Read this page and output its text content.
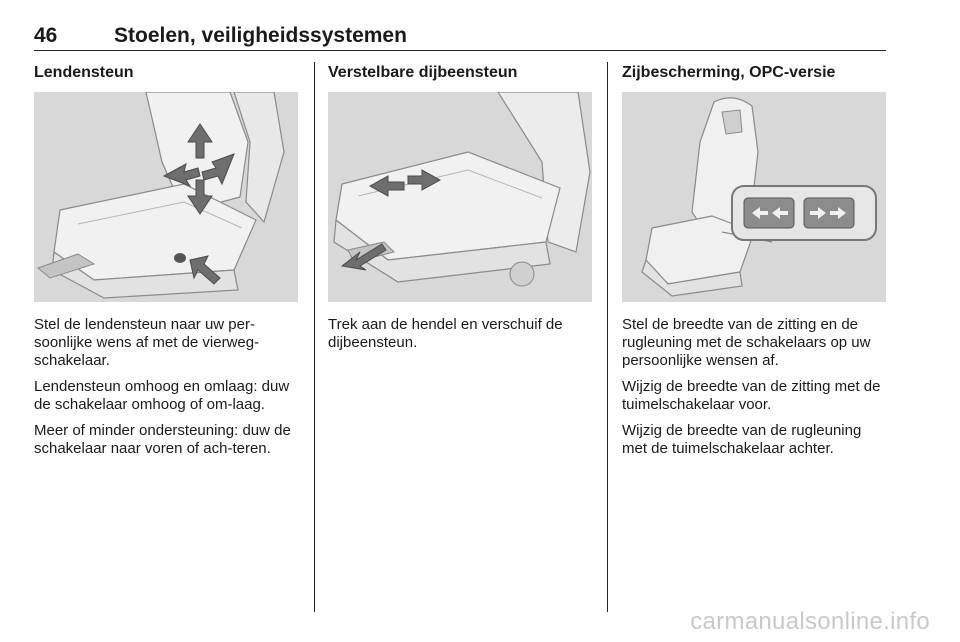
46	Stoelen, veiligheidssystemen
Lendensteun

Stel de lendensteun naar uw per-soonlijke wens af met de vierweg-schakelaar.

Lendensteun omhoog en omlaag: duw de schakelaar omhoog of om-laag.

Meer of minder ondersteuning: duw de schakelaar naar voren of ach-teren.

Verstelbare dijbeensteun

Trek aan de hendel en verschuif de dijbeensteun.

Zijbescherming, OPC-versie

Stel de breedte van de zitting en de rugleuning met de schakelaars op uw persoonlijke wensen af.

Wijzig de breedte van de zitting met de tuimelschakelaar voor.

Wijzig de breedte van de rugleuning met de tuimelschakelaar achter.

carmanualsonline.info
